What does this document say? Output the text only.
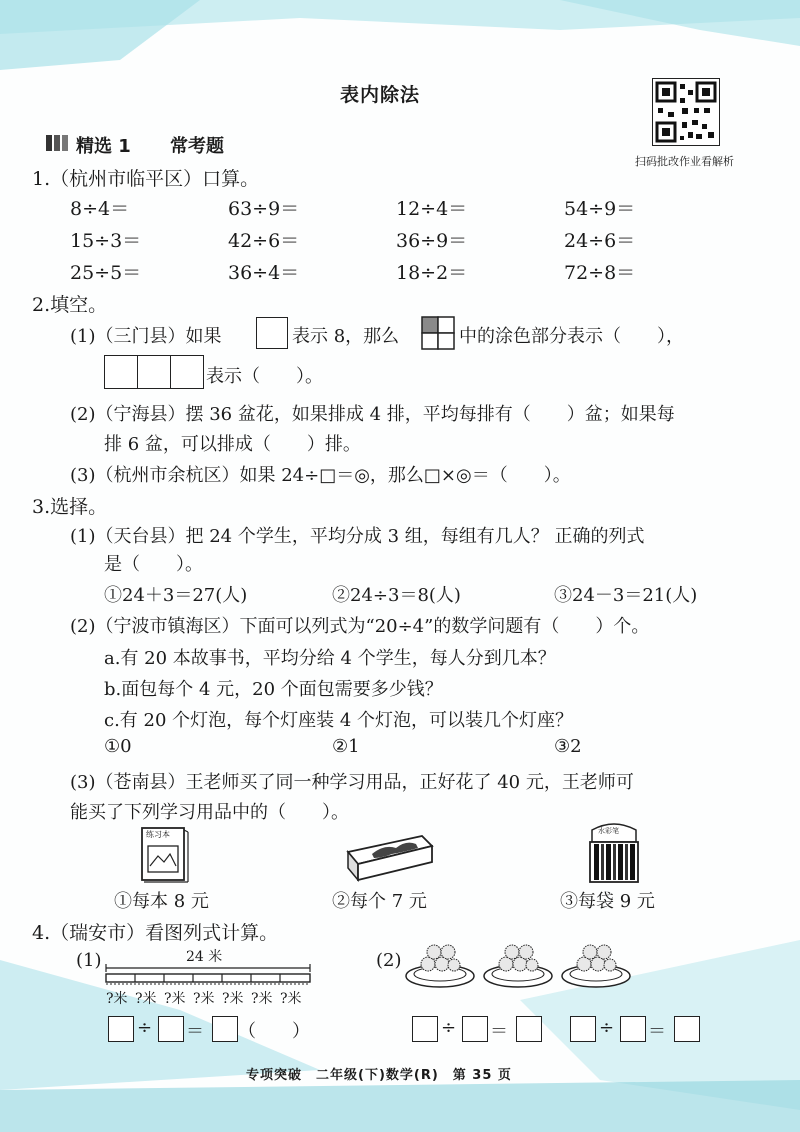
表内除法
扫码批改作业看解析
精选 1 常考题
1.（杭州市临平区）口算。
8÷4＝	63÷9＝	12÷4＝	54÷9＝
15÷3＝	42÷6＝	36÷9＝	24÷6＝
25÷5＝	36÷4＝	18÷2＝	72÷8＝
2.填空。
(1)（三门县）如果	表示 8，那么	中的涂色部分表示（　　），
表示（　　）。
(2)（宁海县）摆 36 盆花，如果排成 4 排，平均每排有（　　）盆；如果每
排 6 盆，可以排成（　　）排。
(3)（杭州市余杭区）如果 24÷□＝◎，那么□×◎＝（　　）。
3.选择。
(1)（天台县）把 24 个学生，平均分成 3 组，每组有几人？ 正确的列式
是（　　）。
①24＋3＝27(人)	②24÷3＝8(人)	③24－3＝21(人)
(2)（宁波市镇海区）下面可以列式为“20÷4”的数学问题有（　　）个。
a.有 20 本故事书，平均分给 4 个学生，每人分到几本？
b.面包每个 4 元，20 个面包需要多少钱？
c.有 20 个灯泡，每个灯座装 4 个灯泡，可以装几个灯座？
①0	②1	③2
(3)（苍南县）王老师买了同一种学习用品，正好花了 40 元，王老师可
能买了下列学习用品中的（　　）。
练习本	水彩笔
①每本 8 元	②每个 7 元	③每袋 9 元
4.（瑞安市）看图列式计算。
(1)	24 米
?米 ?米 ?米 ?米 ?米 ?米 ?米
÷ ＝ （　　）
(2)
÷ ＝	÷ ＝
专项突破　二年级(下)数学(R)　第 35 页
